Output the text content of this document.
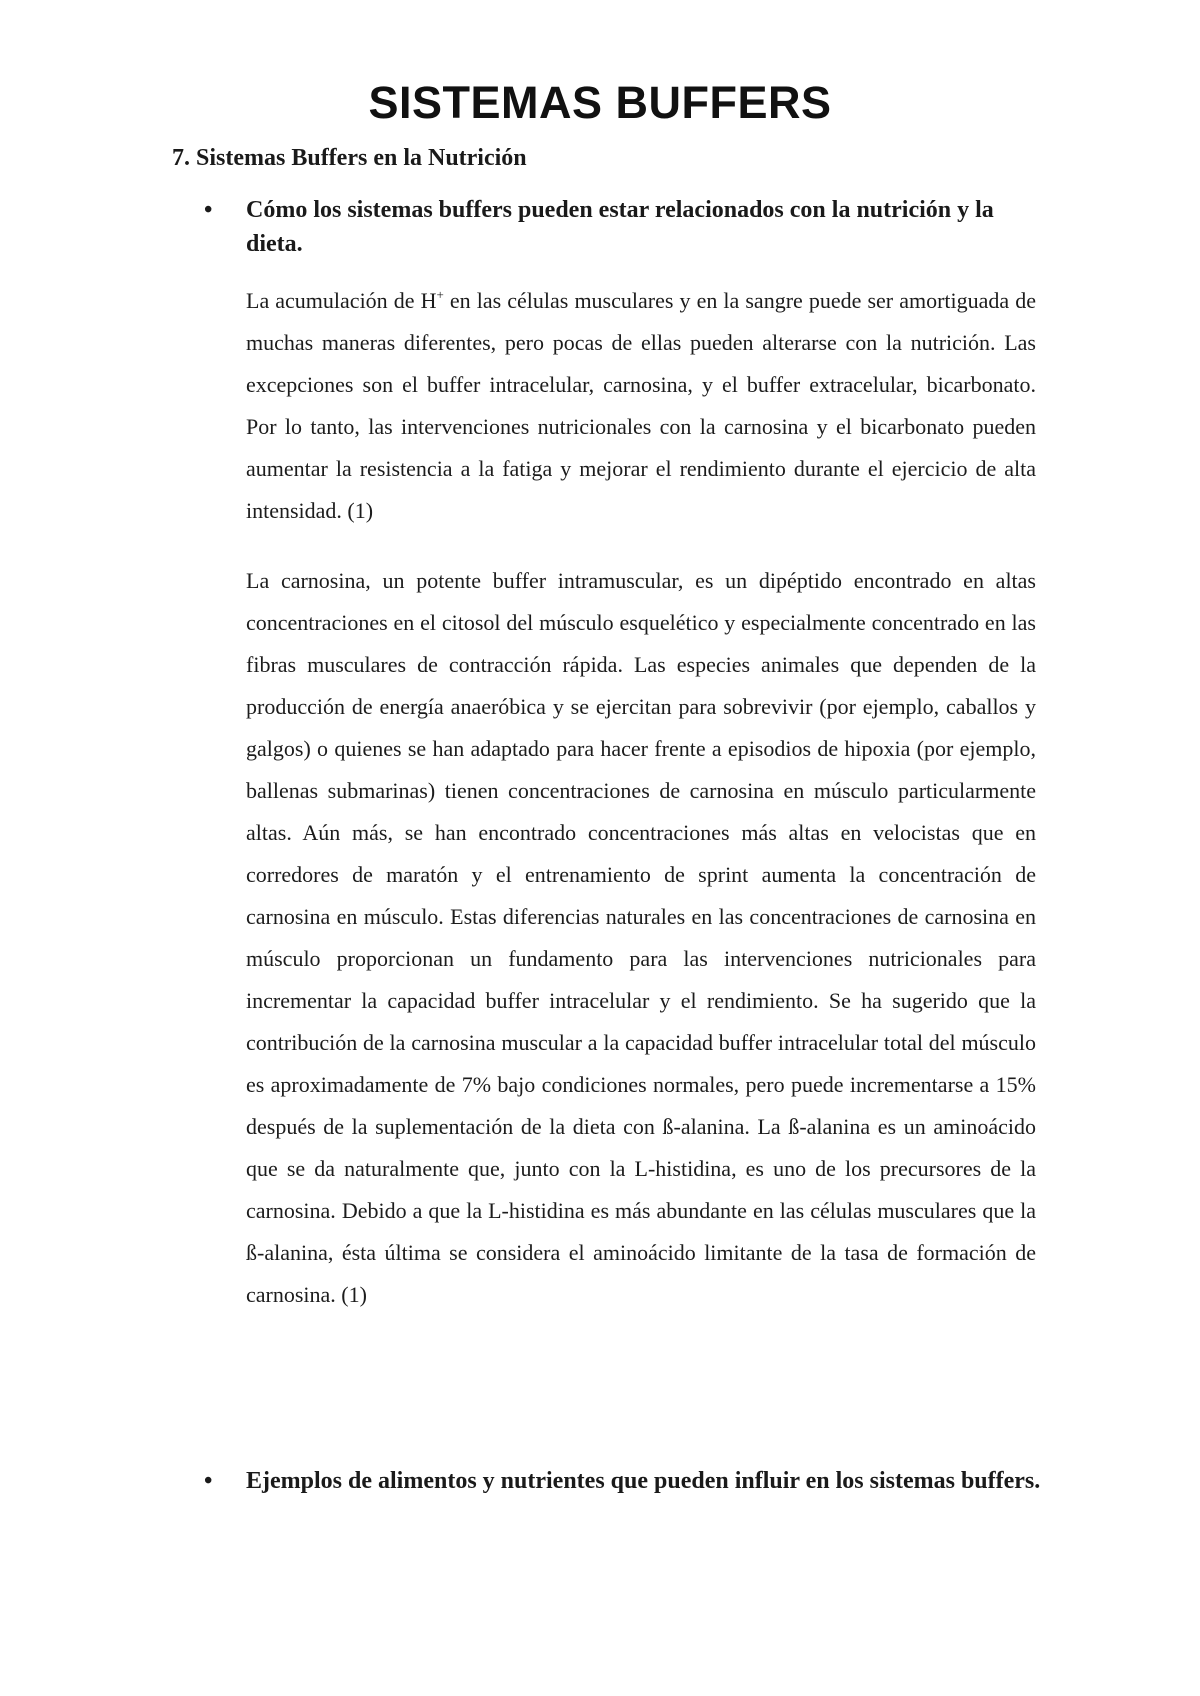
SISTEMAS BUFFERS
7. Sistemas Buffers en la Nutrición
• Cómo los sistemas buffers pueden estar relacionados con la nutrición y la dieta.

La acumulación de H+ en las células musculares y en la sangre puede ser amortiguada de muchas maneras diferentes, pero pocas de ellas pueden alterarse con la nutrición. Las excepciones son el buffer intracelular, carnosina, y el buffer extracelular, bicarbonato. Por lo tanto, las intervenciones nutricionales con la carnosina y el bicarbonato pueden aumentar la resistencia a la fatiga y mejorar el rendimiento durante el ejercicio de alta intensidad. (1)

La carnosina, un potente buffer intramuscular, es un dipéptido encontrado en altas concentraciones en el citosol del músculo esquelético y especialmente concentrado en las fibras musculares de contracción rápida. Las especies animales que dependen de la producción de energía anaeróbica y se ejercitan para sobrevivir (por ejemplo, caballos y galgos) o quienes se han adaptado para hacer frente a episodios de hipoxia (por ejemplo, ballenas submarinas) tienen concentraciones de carnosina en músculo particularmente altas. Aún más, se han encontrado concentraciones más altas en velocistas que en corredores de maratón y el entrenamiento de sprint aumenta la concentración de carnosina en músculo. Estas diferencias naturales en las concentraciones de carnosina en músculo proporcionan un fundamento para las intervenciones nutricionales para incrementar la capacidad buffer intracelular y el rendimiento. Se ha sugerido que la contribución de la carnosina muscular a la capacidad buffer intracelular total del músculo es aproximadamente de 7% bajo condiciones normales, pero puede incrementarse a 15% después de la suplementación de la dieta con ß-alanina. La ß-alanina es un aminoácido que se da naturalmente que, junto con la L-histidina, es uno de los precursores de la carnosina. Debido a que la L-histidina es más abundante en las células musculares que la ß-alanina, ésta última se considera el aminoácido limitante de la tasa de formación de carnosina. (1)

• Ejemplos de alimentos y nutrientes que pueden influir en los sistemas buffers.
